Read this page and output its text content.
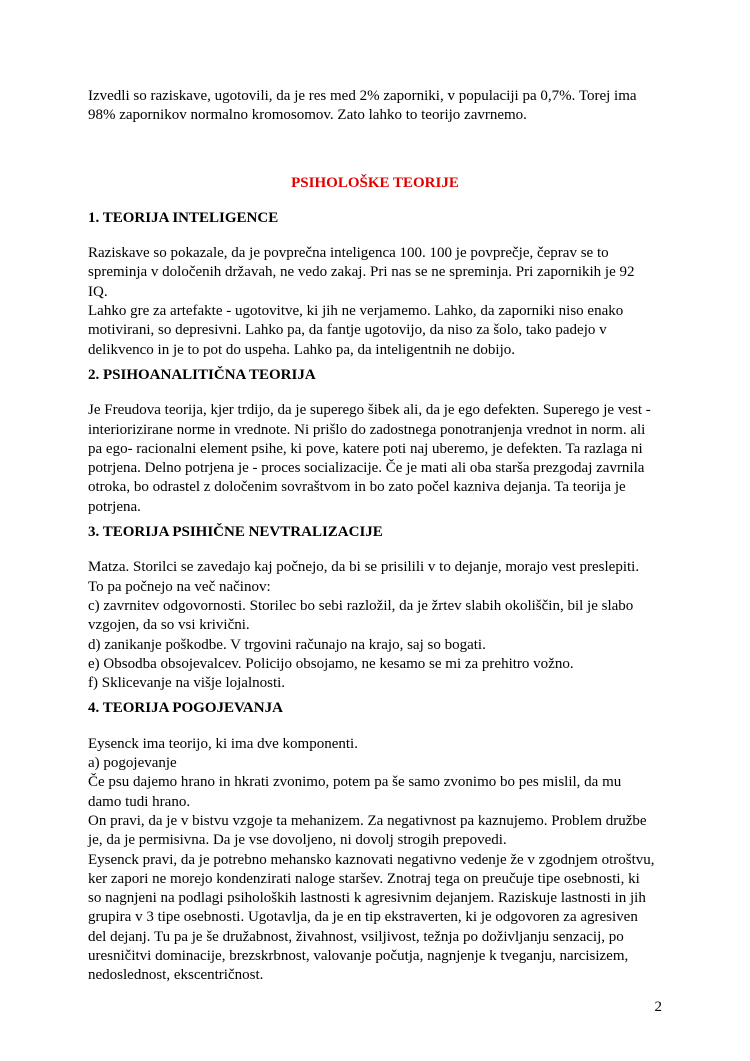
Izvedli so raziskave, ugotovili, da je res med 2% zaporniki, v populaciji pa 0,7%. Torej ima
98% zapornikov normalno kromosomov. Zato lahko to teorijo zavrnemo.
PSIHOLOŠKE TEORIJE
1. TEORIJA INTELIGENCE
Raziskave so pokazale, da je povprečna inteligenca 100. 100 je povprečje, čeprav se to
spreminja v določenih državah, ne vedo zakaj. Pri nas se ne spreminja. Pri zapornikih je 92
IQ.
Lahko gre za artefakte - ugotovitve, ki jih ne verjamemo. Lahko, da zaporniki niso enako
motivirani, so depresivni. Lahko pa, da fantje ugotovijo, da niso za šolo, tako padejo v
delikvenco in je to pot do uspeha. Lahko pa, da inteligentnih ne dobijo.
2. PSIHOANALITIČNA TEORIJA
Je Freudova teorija, kjer trdijo, da je superego šibek ali, da je ego defekten. Superego je vest -
interiorizirane norme in vrednote. Ni prišlo do zadostnega ponotranjenja vrednot in norm. ali
pa ego- racionalni element psihe, ki pove, katere poti naj uberemo, je defekten. Ta razlaga ni
potrjena. Delno potrjena je - proces socializacije. Če je mati ali oba starša prezgodaj zavrnila
otroka, bo odrastel z določenim sovraštvom in bo zato počel kazniva dejanja. Ta teorija je
potrjena.
3. TEORIJA PSIHIČNE NEVTRALIZACIJE
Matza. Storilci se zavedajo kaj počnejo, da bi se prisilili v to dejanje, morajo vest preslepiti.
To pa počnejo na več načinov:
c) zavrnitev odgovornosti. Storilec bo sebi razložil, da je žrtev slabih okoliščin, bil je slabo
vzgojen, da so vsi krivični.
d) zanikanje poškodbe. V trgovini računajo na krajo, saj so bogati.
e) Obsodba obsojevalcev. Policijo obsojamo, ne kesamo se mi za prehitro vožno.
f) Sklicevanje na višje lojalnosti.
4. TEORIJA POGOJEVANJA
Eysenck ima teorijo, ki ima dve komponenti.
a) pogojevanje
Če psu dajemo hrano in hkrati zvonimo, potem pa še samo zvonimo bo pes mislil, da mu
damo tudi hrano.
On pravi, da je v bistvu vzgoje ta mehanizem. Za negativnost pa kaznujemo. Problem družbe
je, da je permisivna. Da je vse dovoljeno, ni dovolj strogih prepovedi.
Eysenck pravi, da je potrebno mehansko kaznovati negativno vedenje že v zgodnjem otroštvu,
ker zapori ne morejo kondenzirati naloge staršev. Znotraj tega on preučuje tipe osebnosti, ki
so nagnjeni na podlagi psiholoških lastnosti k agresivnim dejanjem. Raziskuje lastnosti in jih
grupira v 3 tipe osebnosti. Ugotavlja, da je en tip ekstraverten, ki je odgovoren za agresiven
del dejanj. Tu pa je še družabnost, živahnost, vsiljivost, težnja po doživljanju senzacij, po
uresničitvi dominacije, brezskrbnost, valovanje počutja, nagnjenje k tveganju, narcisizem,
nedoslednost, ekscentričnost.
2
